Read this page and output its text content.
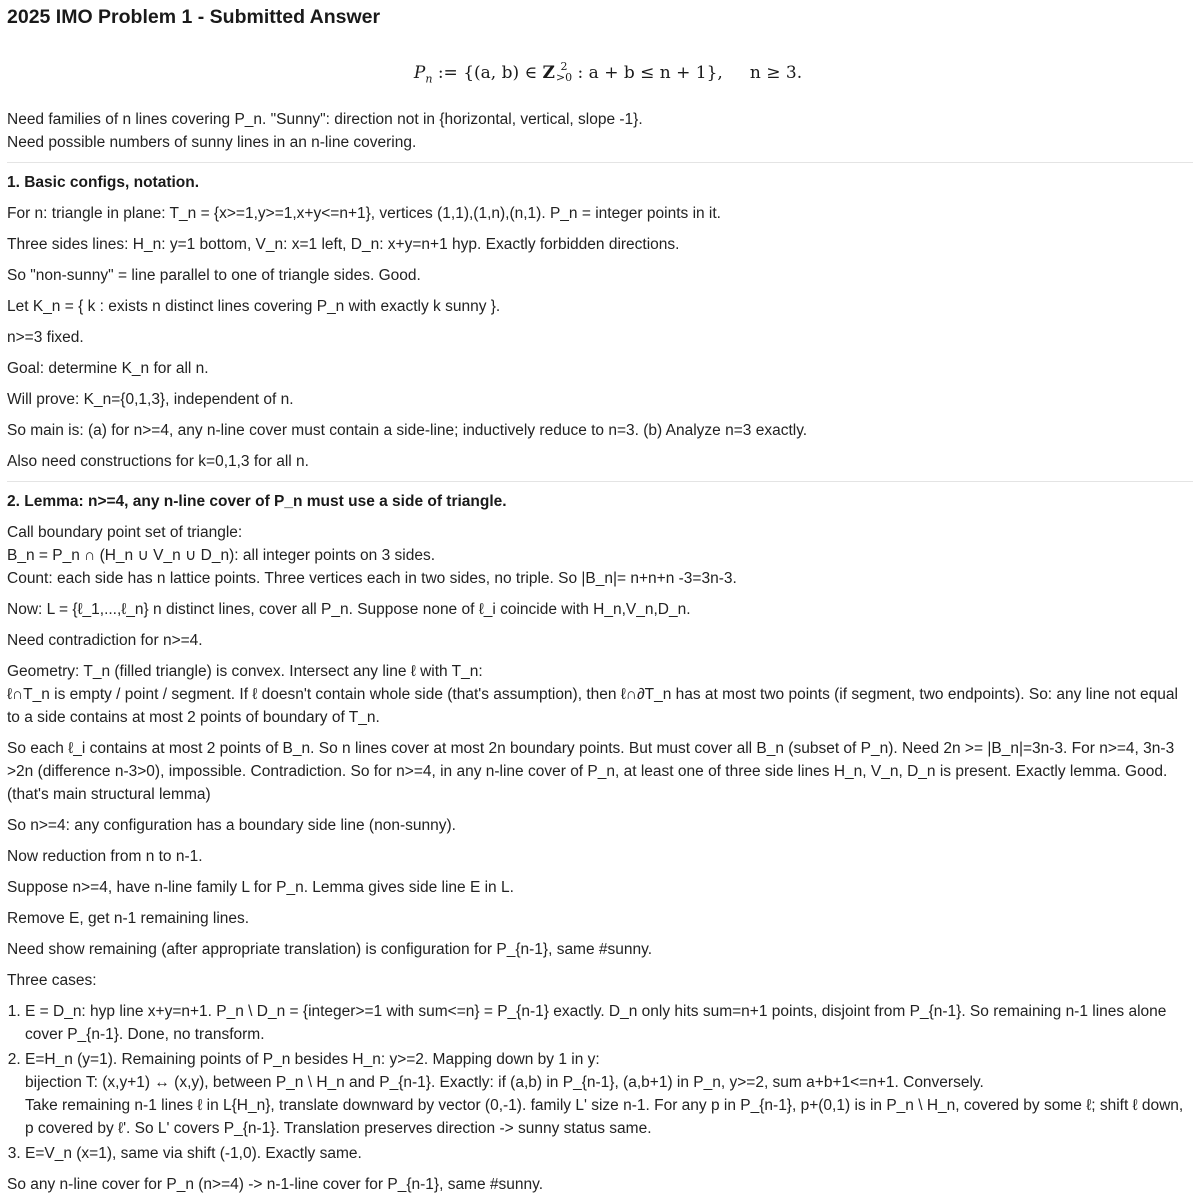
2025 IMO Problem 1 - Submitted Answer
$P_n$ := {(a, b) ∈ Z 2
>0 : a + b ≤ n + 1}, n ≥ 3.

Need families of n lines covering P_n. "Sunny": direction not in {horizontal, vertical, slope -1}.

Need possible numbers of sunny lines in an n-line covering.

1. Basic configs, notation.

For n: triangle in plane: T_n = {x>=1,y>=1,x+y<=n+1}, vertices (1,1),(1,n),(n,1). P_n = integer points in it.

Three sides lines: H_n: y=1 bottom, V_n: x=1 left, D_n: x+y=n+1 hyp. Exactly forbidden directions.

So "non-sunny" = line parallel to one of triangle sides. Good.

Let K_n = { k : exists n distinct lines covering P_n with exactly k sunny }.

n>=3 fixed.

Goal: determine K_n for all n.

Will prove: K_n={0,1,3}, independent of n.

So main is: (a) for n>=4, any n-line cover must contain a side-line; inductively reduce to n=3. (b) Analyze n=3 exactly.

Also need constructions for k=0,1,3 for all n.

2. Lemma: n>=4, any n-line cover of P_n must use a side of triangle.

Call boundary point set of triangle:

B_n = P_n ∩ (H_n ∪ V_n ∪ D_n): all integer points on 3 sides.

Count: each side has n lattice points. Three vertices each in two sides, no triple. So |B_n|= n+n+n -3=3n-3.

Now: L = {ℓ_1,...,ℓ_n} n distinct lines, cover all P_n. Suppose none of ℓ_i coincide with H_n,V_n,D_n.

Need contradiction for n>=4.

Geometry: T_n (filled triangle) is convex. Intersect any line ℓ with T_n:

ℓ∩T_n is empty / point / segment. If ℓ doesn't contain whole side (that's assumption), then ℓ∩∂T_n has at most two points (if segment, two endpoints). So: any line not equal to a side contains at most 2 points of boundary of T_n.

So each ℓ_i contains at most 2 points of B_n. So n lines cover at most 2n boundary points. But must cover all B_n (subset of P_n). Need 2n >= |B_n|=3n-3. For n>=4, 3n-3 >2n (difference n-3>0), impossible. Contradiction. So for n>=4, in any n-line cover of P_n, at least one of three side lines H_n, V_n, D_n is present. Exactly lemma. Good. (that's main structural lemma)

So n>=4: any configuration has a boundary side line (non-sunny).

Now reduction from n to n-1.

Suppose n>=4, have n-line family L for P_n. Lemma gives side line E in L.

Remove E, get n-1 remaining lines.

Need show remaining (after appropriate translation) is configuration for P_{n-1}, same #sunny.

Three cases:

1. E = D_n: hyp line x+y=n+1. P_n \ D_n = {integer>=1 with sum<=n} = P_{n-1} exactly. D_n only hits sum=n+1 points, disjoint from P_{n-1}. So remaining n-1 lines alone cover P_{n-1}. Done, no transform.
2. E=H_n (y=1). Remaining points of P_n besides H_n: y>=2. Mapping down by 1 in y:
bijection T: (x,y+1) ↔ (x,y), between P_n \ H_n and P_{n-1}. Exactly: if (a,b) in P_{n-1}, (a,b+1) in P_n, y>=2, sum a+b+1<=n+1. Conversely.
Take remaining n-1 lines ℓ in L{H_n}, translate downward by vector (0,-1). family L' size n-1. For any p in P_{n-1}, p+(0,1) is in P_n \ H_n, covered by some ℓ; shift ℓ down, p covered by ℓ'. So L' covers P_{n-1}. Translation preserves direction -> sunny status same.
3. E=V_n (x=1), same via shift (-1,0). Exactly same.

So any n-line cover for P_n (n>=4) -> n-1-line cover for P_{n-1}, same #sunny.
